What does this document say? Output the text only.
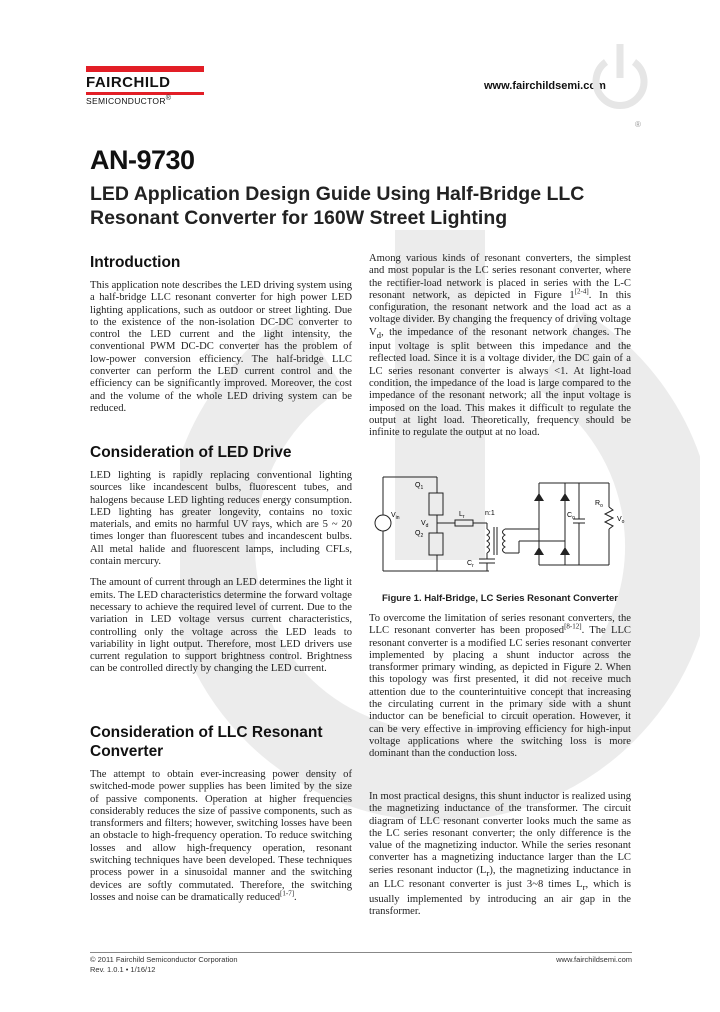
FAIRCHILD
SEMICONDUCTOR®
www.fairchildsemi.com
®
AN-9730
LED Application Design Guide Using Half-Bridge LLC
Resonant Converter for 160W Street Lighting
Introduction

This application note describes the LED driving system using a half-bridge LLC resonant converter for high power LED lighting applications, such as outdoor or street lighting. Due to the existence of the non-isolation DC-DC converter to control the LED current and the light intensity, the conventional PWM DC-DC converter has the problem of low-power conversion efficiency. The half-bridge LLC converter can perform the LED current control and the efficiency can be significantly improved. Moreover, the cost and the volume of the whole LED driving system can be reduced.

Consideration of LED Drive

LED lighting is rapidly replacing conventional lighting sources like incandescent bulbs, fluorescent tubes, and halogens because LED lighting reduces energy consumption. LED lighting has greater longevity, contains no toxic materials, and emits no harmful UV rays, which are 5 ~ 20 times longer than fluorescent tubes and incandescent bulbs. All metal halide and fluorescent lamps, including CFLs, contain mercury.

The amount of current through an LED determines the light it emits. The LED characteristics determine the forward voltage necessary to achieve the required level of current. Due to the variation in LED voltage versus current characteristics, controlling only the voltage across the LED leads to variability in light output. Therefore, most LED drivers use current regulation to support brightness control. Brightness can be controlled directly by changing the LED current.

Consideration of LLC Resonant Converter

The attempt to obtain ever-increasing power density of switched-mode power supplies has been limited by the size of passive components. Operation at higher frequencies considerably reduces the size of passive components, such as transformers and filters; however, switching losses have been an obstacle to high-frequency operation. To reduce switching losses and allow high-frequency operation, resonant switching techniques have been developed. These techniques process power in a sinusoidal manner and the switching devices are softly commutated. Therefore, the switching losses and noise can be dramatically reduced[1-7].

Among various kinds of resonant converters, the simplest and most popular is the LC series resonant converter, where the rectifier-load network is placed in series with the L-C resonant network, as depicted in Figure 1[2-4]. In this configuration, the resonant network and the load act as a voltage divider. By changing the frequency of driving voltage $V_d$, the impedance of the resonant network changes. The input voltage is split between this impedance and the reflected load. Since it is a voltage divider, the DC gain of a LC series resonant converter is always <1. At light-load condition, the impedance of the load is large compared to the impedance of the resonant network; all the input voltage is imposed on the load. This makes it difficult to regulate the output at light load. Theoretically, frequency should be infinite to regulate the output at no load.

$V_{in}$
$Q_1$
$Q_2$
$V_d$
$L_r$	n:1
$C_r$
$C_o$
$R_o$
$V_o$
Figure 1. Half-Bridge, LC Series Resonant Converter

To overcome the limitation of series resonant converters, the LLC resonant converter has been proposed[8-12]. The LLC resonant converter is a modified LC series resonant converter implemented by placing a shunt inductor across the transformer primary winding, as depicted in Figure 2. When this topology was first presented, it did not receive much attention due to the counterintuitive concept that increasing the circulating current in the primary side with a shunt inductor can be beneficial to circuit operation. However, it can be very effective in improving efficiency for high-input voltage applications where the switching loss is more dominant than the conduction loss.

In most practical designs, this shunt inductor is realized using the magnetizing inductance of the transformer. The circuit diagram of LLC resonant converter looks much the same as the LC series resonant converter; the only difference is the value of the magnetizing inductor. While the series resonant converter has a magnetizing inductance larger than the LC series resonant inductor $(L_r)$, the magnetizing inductance in an LLC resonant converter is just 3~8 times $L_r$, which is usually implemented by introducing an air gap in the transformer.

© 2011 Fairchild Semiconductor Corporation
Rev. 1.0.1 • 1/16/12
www.fairchildsemi.com
